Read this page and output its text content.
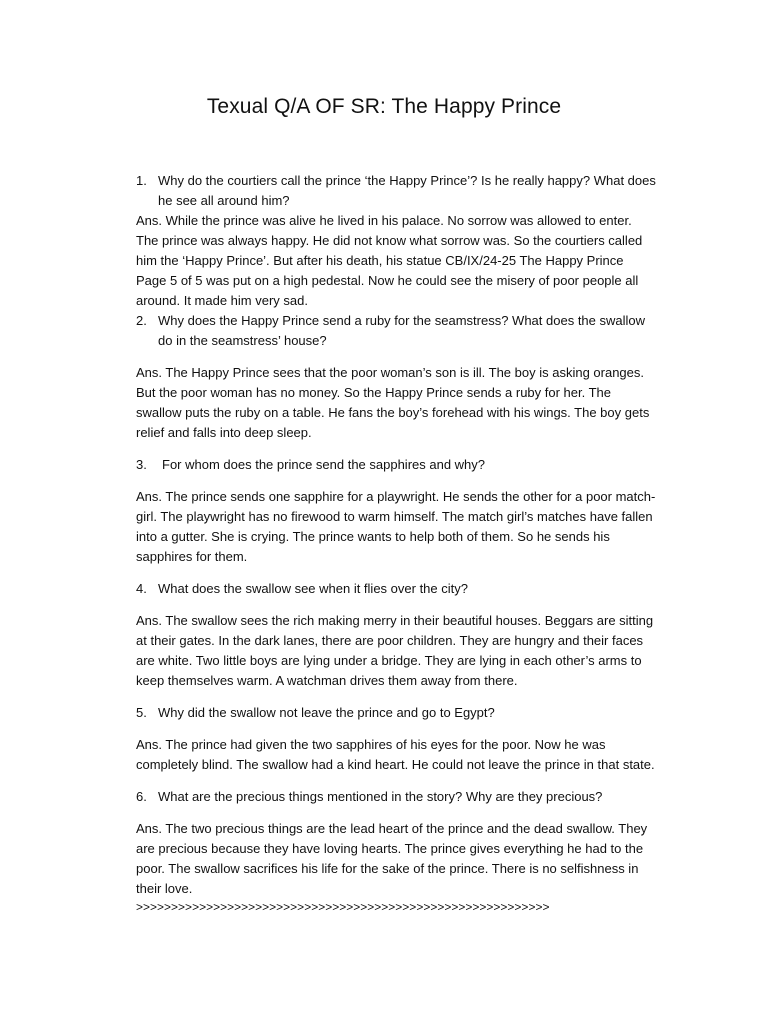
Texual Q/A OF SR: The Happy Prince
1. Why do the courtiers call the prince ‘the Happy Prince’? Is he really happy? What does he see all around him?

Ans. While the prince was alive he lived in his palace. No sorrow was allowed to enter. The prince was always happy. He did not know what sorrow was. So the courtiers called him the ‘Happy Prince’. But after his death, his statue CB/IX/24-25 The Happy Prince Page 5 of 5 was put on a high pedestal. Now he could see the misery of poor people all around. It made him very sad.

2. Why does the Happy Prince send a ruby for the seamstress? What does the swallow do in the seamstress’ house?

Ans. The Happy Prince sees that the poor woman’s son is ill. The boy is asking oranges. But the poor woman has no money. So the Happy Prince sends a ruby for her. The swallow puts the ruby on a table. He fans the boy’s forehead with his wings. The boy gets relief and falls into deep sleep.

3.	For whom does the prince send the sapphires and why?

Ans. The prince sends one sapphire for a playwright. He sends the other for a poor match-girl. The playwright has no firewood to warm himself. The match girl’s matches have fallen into a gutter. She is crying. The prince wants to help both of them. So he sends his sapphires for them.

4. What does the swallow see when it flies over the city?

Ans. The swallow sees the rich making merry in their beautiful houses. Beggars are sitting at their gates. In the dark lanes, there are poor children. They are hungry and their faces are white. Two little boys are lying under a bridge. They are lying in each other’s arms to keep themselves warm. A watchman drives them away from there.

5. Why did the swallow not leave the prince and go to Egypt?

Ans. The prince had given the two sapphires of his eyes for the poor. Now he was completely blind. The swallow had a kind heart. He could not leave the prince in that state.

6. What are the precious things mentioned in the story? Why are they precious?

Ans. The two precious things are the lead heart of the prince and the dead swallow. They are precious because they have loving hearts. The prince gives everything he had to the poor. The swallow sacrifices his life for the sake of the prince. There is no selfishness in their love.

>>>>>>>>>>>>>>>>>>>>>>>>>>>>>>>>>>>>>>>>>>>>>>>>>>>>>>>>>>>
